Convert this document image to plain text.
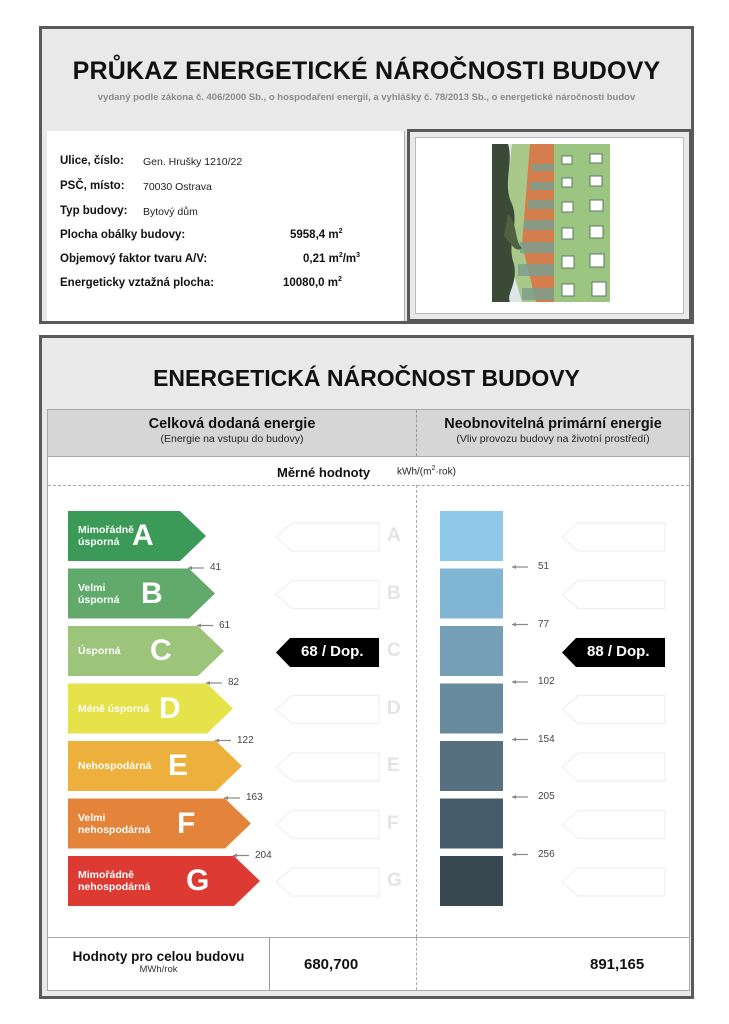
PRŮKAZ ENERGETICKÉ NÁROČNOSTI BUDOVY
vydaný podle zákona č. 406/2000 Sb., o hospodaření energií, a vyhlášky č. 78/2013 Sb., o energetické náročnosti budov
Ulice, číslo: Gen. Hrušky 1210/22
PSČ, místo: 70030 Ostrava
Typ budovy: Bytový dům
Plocha obálky budovy:	5958,4 $m^2$
Objemový faktor tvaru A/V:	0,21 $m^2/m^3$
Energeticky vztažná plocha:	10080,0 $m^2$
ENERGETICKÁ NÁROČNOST BUDOVY
Celková dodaná energie
(Energie na vstupu do budovy)
Neobnovitelná primární energie
(Vliv provozu budovy na životní prostředí)
Měrné hodnoty	kWh/$(m^2\cdot rok)$
Mimořádně
úsporná A	A
Velmi
úsporná B	B
Úsporná C	C
Méně úsporná D	D
Nehospodárná E	E
Velmi
nehospodárná F	F
Mimořádně
nehospodárná G	G
41
61
82
122
163
204
68 / Dop.
51
77
102
154
205
256
88 / Dop.
Hodnoty pro celou budovu
MWh/rok	680,700	891,165
